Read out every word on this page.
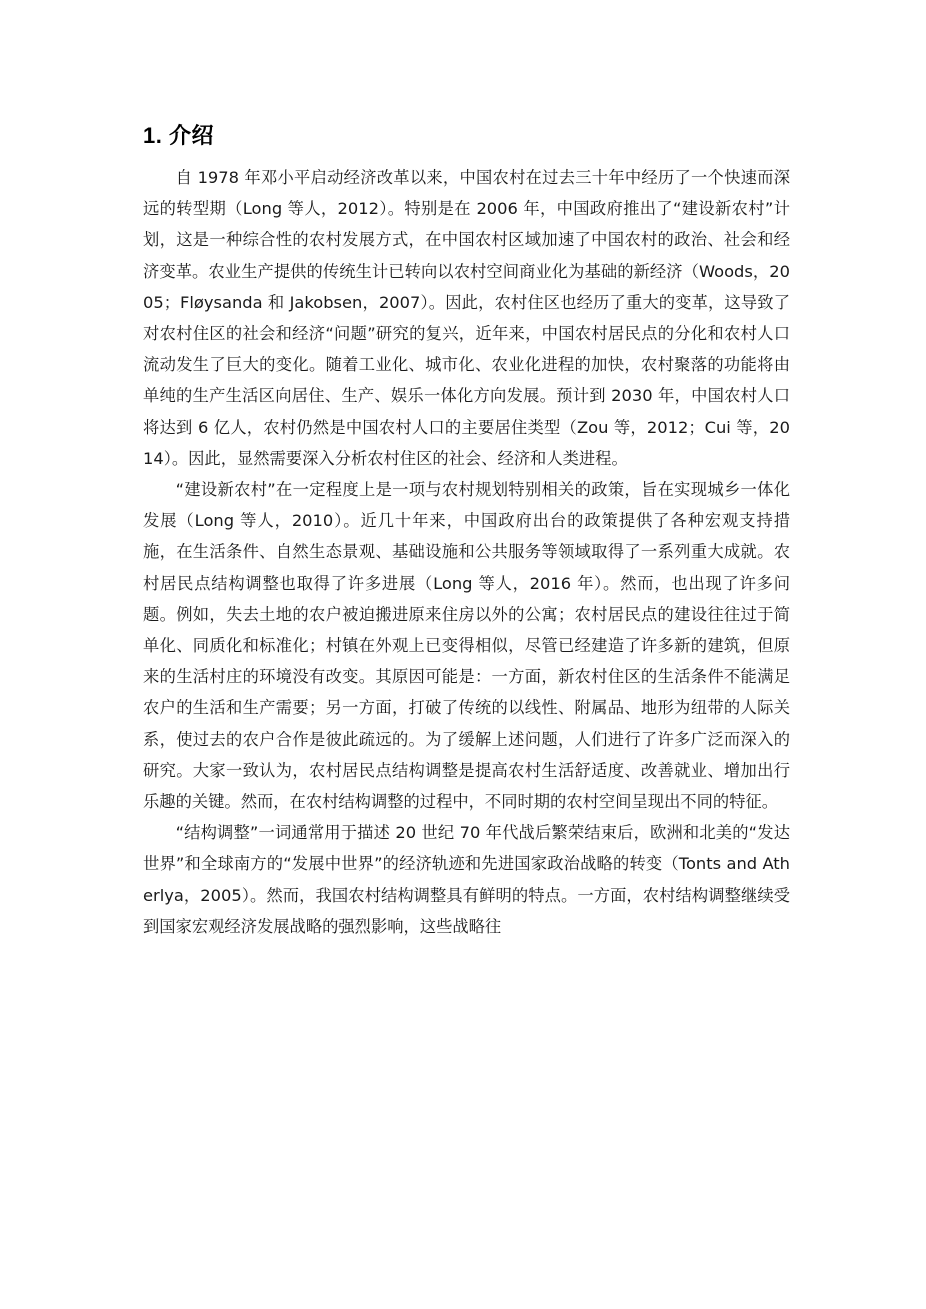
1. 介绍

自 1978 年邓小平启动经济改革以来，中国农村在过去三十年中经历了一个快速而深远的转型期（Long 等人，2012）。特别是在 2006 年，中国政府推出了“建设新农村”计划，这是一种综合性的农村发展方式，在中国农村区域加速了中国农村的政治、社会和经济变革。农业生产提供的传统生计已转向以农村空间商业化为基础的新经济（Woods，2005；Fløysanda 和 Jakobsen，2007）。因此，农村住区也经历了重大的变革，这导致了对农村住区的社会和经济“问题”研究的复兴，近年来，中国农村居民点的分化和农村人口流动发生了巨大的变化。随着工业化、城市化、农业化进程的加快，农村聚落的功能将由单纯的生产生活区向居住、生产、娱乐一体化方向发展。预计到 2030 年，中国农村人口将达到 6 亿人，农村仍然是中国农村人口的主要居住类型（Zou 等，2012；Cui 等，2014）。因此，显然需要深入分析农村住区的社会、经济和人类进程。

“建设新农村”在一定程度上是一项与农村规划特别相关的政策，旨在实现城乡一体化发展（Long 等人，2010）。近几十年来，中国政府出台的政策提供了各种宏观支持措施，在生活条件、自然生态景观、基础设施和公共服务等领域取得了一系列重大成就。农村居民点结构调整也取得了许多进展（Long 等人，2016 年）。然而，也出现了许多问题。例如，失去土地的农户被迫搬进原来住房以外的公寓；农村居民点的建设往往过于简单化、同质化和标准化；村镇在外观上已变得相似，尽管已经建造了许多新的建筑，但原来的生活村庄的环境没有改变。其原因可能是：一方面，新农村住区的生活条件不能满足农户的生活和生产需要；另一方面，打破了传统的以线性、附属品、地形为纽带的人际关系，使过去的农户合作是彼此疏远的。为了缓解上述问题，人们进行了许多广泛而深入的研究。大家一致认为，农村居民点结构调整是提高农村生活舒适度、改善就业、增加出行乐趣的关键。然而，在农村结构调整的过程中，不同时期的农村空间呈现出不同的特征。

“结构调整”一词通常用于描述 20 世纪 70 年代战后繁荣结束后，欧洲和北美的“发达世界”和全球南方的“发展中世界”的经济轨迹和先进国家政治战略的转变（Tonts and Atherlya，2005）。然而，我国农村结构调整具有鲜明的特点。一方面，农村结构调整继续受到国家宏观经济发展战略的强烈影响，这些战略往
